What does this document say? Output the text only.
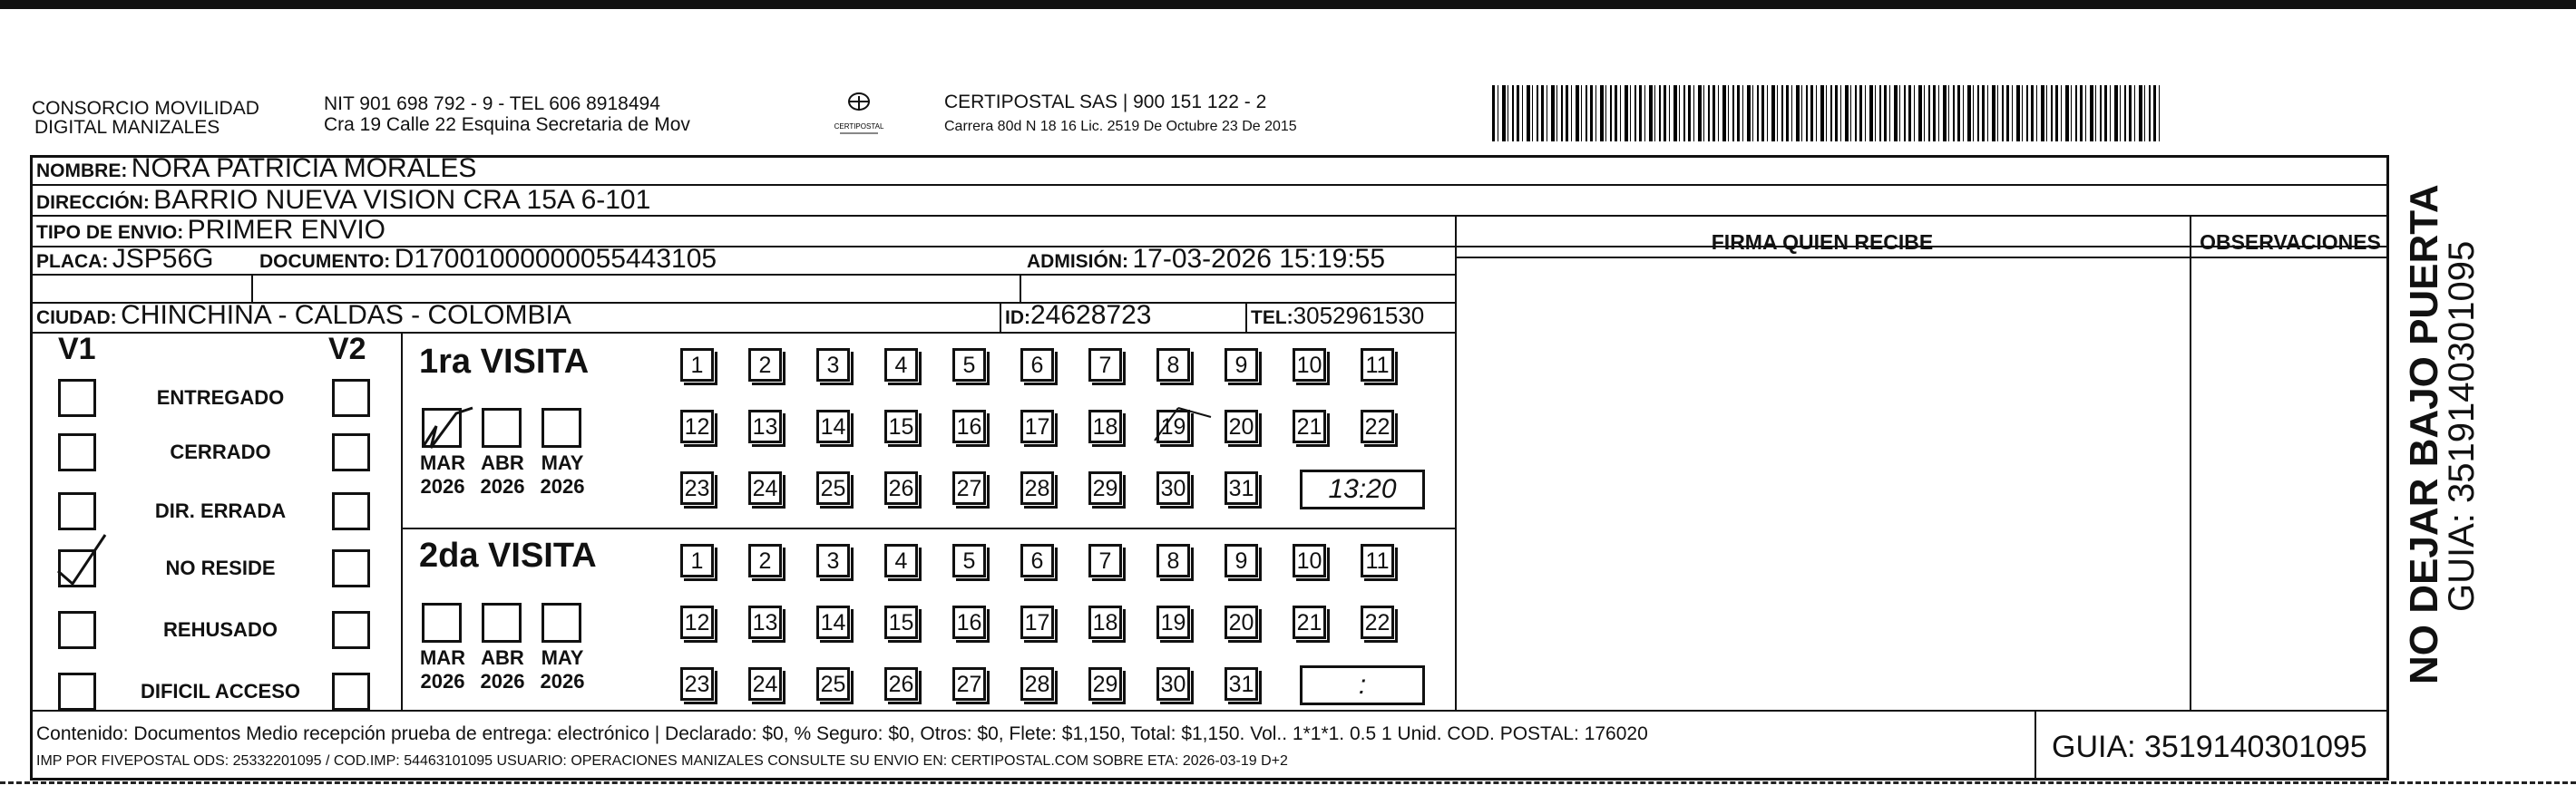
CONSORCIO MOVILIDAD
DIGITAL MANIZALES
NIT 901 698 792 - 9 - TEL 606 8918494
Cra 19 Calle 22 Esquina Secretaria de Mov	CERTIPOSTAL
CERTIPOSTAL SAS | 900 151 122 - 2
Carrera 80d N 18 16 Lic. 2519 De Octubre 23 De 2015
NOMBRE: NORA PATRICIA MORALES
DIRECCIÓN: BARRIO NUEVA VISION CRA 15A 6-101
TIPO DE ENVIO: PRIMER ENVIO	FIRMA QUIEN RECIBE	OBSERVACIONES
PLACA: JSP56G DOCUMENTO: D17001000000055443105	ADMISIÓN: 17-03-2026 15:19:55
CIUDAD: CHINCHINA - CALDAS - COLOMBIA	ID:24628723	TEL:3052961530
V1	V2 1ra VISITA
2da VISITA
Contenido: Documentos Medio recepción prueba de entrega: electrónico | Declarado: $0, % Seguro: $0, Otros: $0, Flete: $1,150, Total: $1,150. Vol.. 1*1*1. 0.5 1 Unid. COD. POSTAL: 176020
IMP POR FIVEPOSTAL ODS: 25332201095 / COD.IMP: 54463101095 USUARIO: OPERACIONES MANIZALES CONSULTE SU ENVIO EN: CERTIPOSTAL.COM SOBRE ETA: 2026-03-19 D+2	GUIA: 3519140301095
NO DEJAR BAJO PUERTA
GUIA: 3519140301095
ENTREGADO
CERRADO
DIR. ERRADA
NO RESIDE
REHUSADO
DIFICIL ACCESO
MAR
2026
ABR
2026
MAY
2026
MAR
2026
ABR
2026
MAY
2026
1	2	3	4	5	6	7	8	9	10 11
12 13 14 15 16 17 18 19 20 21 22
23 24 25 26 27 28 29 30 31	13:20
1	2	3	4	5	6	7	8	9	10 11
12 13 14 15 16 17 18 19 20 21 22
23 24 25 26 27 28 29 30 31	:
